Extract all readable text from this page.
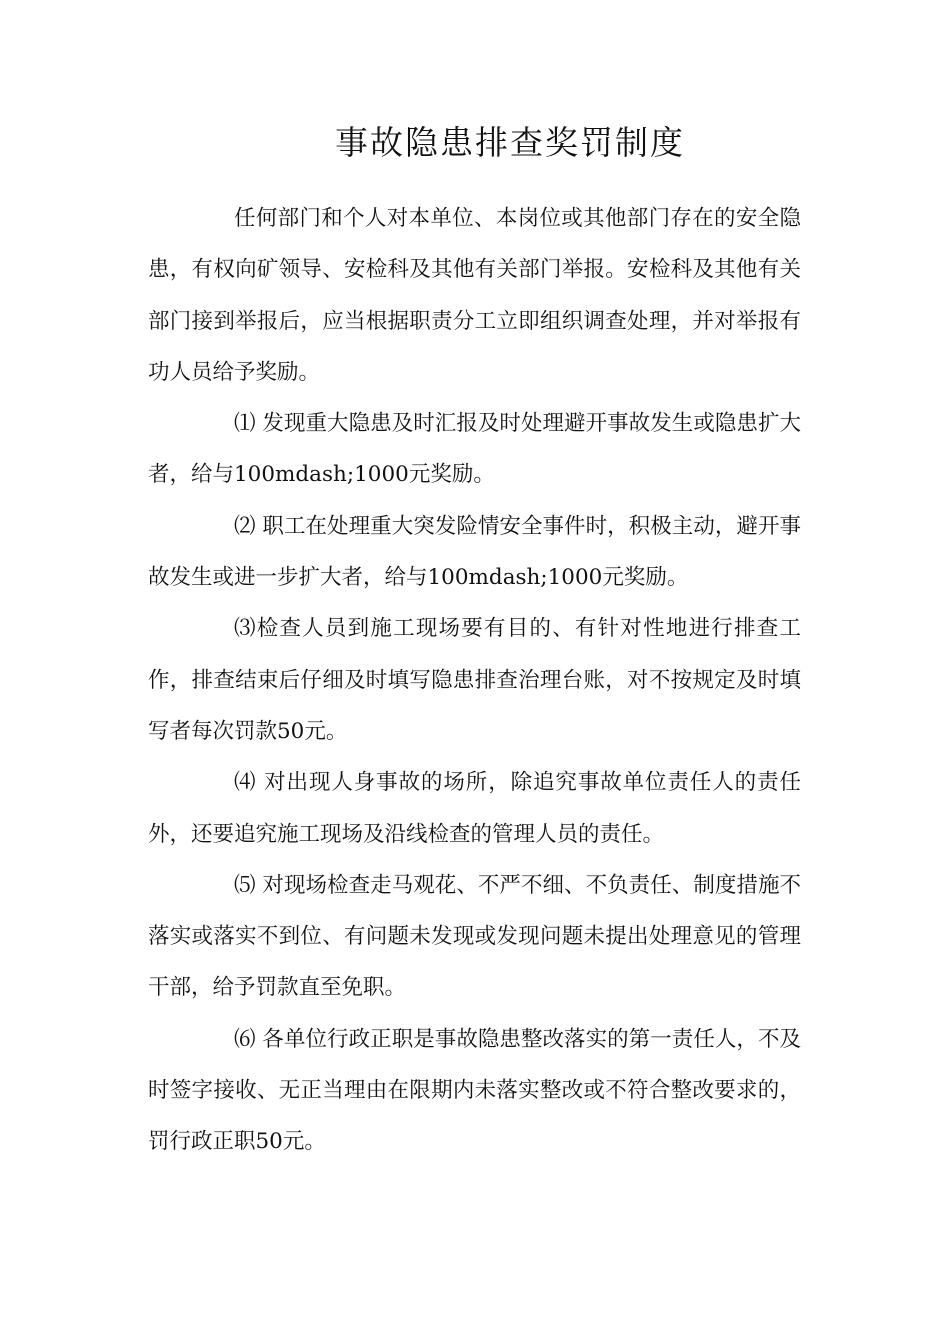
事故隐患排查奖罚制度

任何部门和个人对本单位、本岗位或其他部门存在的安全隐患，有权向矿领导、安检科及其他有关部门举报。安检科及其他有关部门接到举报后，应当根据职责分工立即组织调查处理，并对举报有功人员给予奖励。

⑴ 发现重大隐患及时汇报及时处理避开事故发生或隐患扩大者，给与100mdash;1000元奖励。

⑵ 职工在处理重大突发险情安全事件时，积极主动，避开事故发生或进一步扩大者，给与100mdash;1000元奖励。

⑶检查人员到施工现场要有目的、有针对性地进行排查工作，排查结束后仔细及时填写隐患排查治理台账，对不按规定及时填写者每次罚款50元。

⑷ 对出现人身事故的场所，除追究事故单位责任人的责任外，还要追究施工现场及沿线检查的管理人员的责任。

⑸ 对现场检查走马观花、不严不细、不负责任、制度措施不落实或落实不到位、有问题未发现或发现问题未提出处理意见的管理干部，给予罚款直至免职。

⑹ 各单位行政正职是事故隐患整改落实的第一责任人，不及时签字接收、无正当理由在限期内未落实整改或不符合整改要求的，罚行政正职50元。
